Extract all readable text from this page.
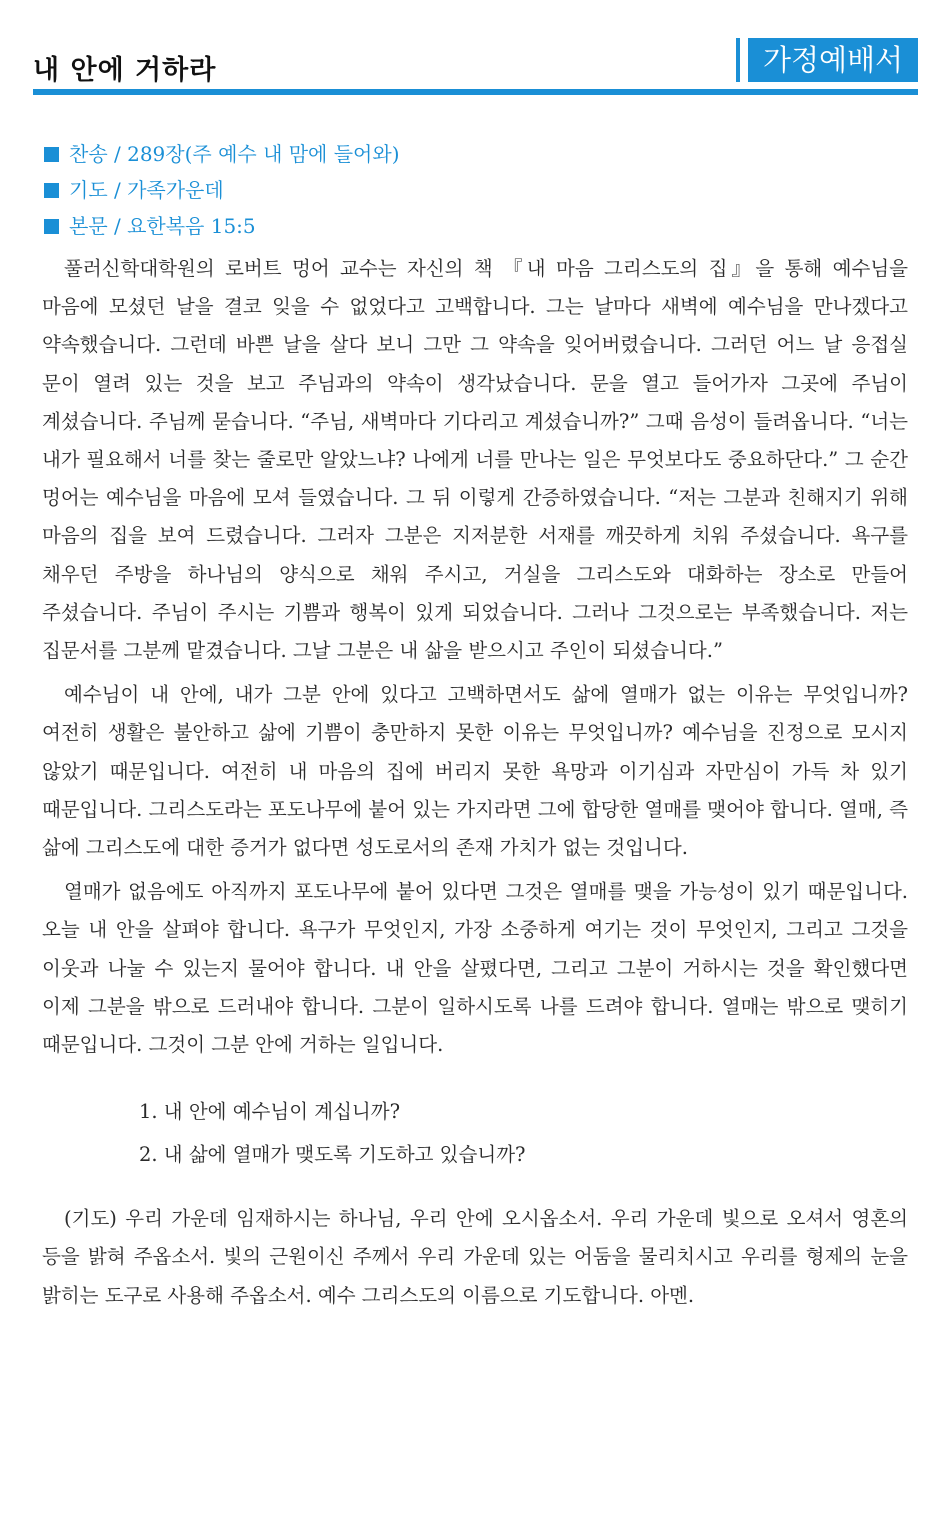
내 안에 거하라	가정예배서
찬송 / 289장(주 예수 내 맘에 들어와)
기도 / 가족가운데
본문 / 요한복음 15:5

풀러신학대학원의 로버트 멍어 교수는 자신의 책 『내 마음 그리스도의 집』을 통해 예수님을 마음에 모셨던 날을 결코 잊을 수 없었다고 고백합니다. 그는 날마다 새벽에 예수님을 만나겠다고 약속했습니다. 그런데 바쁜 날을 살다 보니 그만 그 약속을 잊어버렸습니다. 그러던 어느 날 응접실 문이 열려 있는 것을 보고 주님과의 약속이 생각났습니다. 문을 열고 들어가자 그곳에 주님이 계셨습니다. 주님께 묻습니다. “주님, 새벽마다 기다리고 계셨습니까?” 그때 음성이 들려옵니다. “너는 내가 필요해서 너를 찾는 줄로만 알았느냐? 나에게 너를 만나는 일은 무엇보다도 중요하단다.” 그 순간 멍어는 예수님을 마음에 모셔 들였습니다. 그 뒤 이렇게 간증하였습니다. “저는 그분과 친해지기 위해 마음의 집을 보여 드렸습니다. 그러자 그분은 지저분한 서재를 깨끗하게 치워 주셨습니다. 욕구를 채우던 주방을 하나님의 양식으로 채워 주시고, 거실을 그리스도와 대화하는 장소로 만들어 주셨습니다. 주님이 주시는 기쁨과 행복이 있게 되었습니다. 그러나 그것으로는 부족했습니다. 저는 집문서를 그분께 맡겼습니다. 그날 그분은 내 삶을 받으시고 주인이 되셨습니다.”

예수님이 내 안에, 내가 그분 안에 있다고 고백하면서도 삶에 열매가 없는 이유는 무엇입니까? 여전히 생활은 불안하고 삶에 기쁨이 충만하지 못한 이유는 무엇입니까? 예수님을 진정으로 모시지 않았기 때문입니다. 여전히 내 마음의 집에 버리지 못한 욕망과 이기심과 자만심이 가득 차 있기 때문입니다. 그리스도라는 포도나무에 붙어 있는 가지라면 그에 합당한 열매를 맺어야 합니다. 열매, 즉 삶에 그리스도에 대한 증거가 없다면 성도로서의 존재 가치가 없는 것입니다.

열매가 없음에도 아직까지 포도나무에 붙어 있다면 그것은 열매를 맺을 가능성이 있기 때문입니다. 오늘 내 안을 살펴야 합니다. 욕구가 무엇인지, 가장 소중하게 여기는 것이 무엇인지, 그리고 그것을 이웃과 나눌 수 있는지 물어야 합니다. 내 안을 살폈다면, 그리고 그분이 거하시는 것을 확인했다면 이제 그분을 밖으로 드러내야 합니다. 그분이 일하시도록 나를 드려야 합니다. 열매는 밖으로 맺히기 때문입니다. 그것이 그분 안에 거하는 일입니다.

1. 내 안에 예수님이 계십니까?
2. 내 삶에 열매가 맺도록 기도하고 있습니까?

(기도) 우리 가운데 임재하시는 하나님, 우리 안에 오시옵소서. 우리 가운데 빛으로 오셔서 영혼의 등을 밝혀 주옵소서. 빛의 근원이신 주께서 우리 가운데 있는 어둠을 물리치시고 우리를 형제의 눈을 밝히는 도구로 사용해 주옵소서. 예수 그리스도의 이름으로 기도합니다. 아멘.
